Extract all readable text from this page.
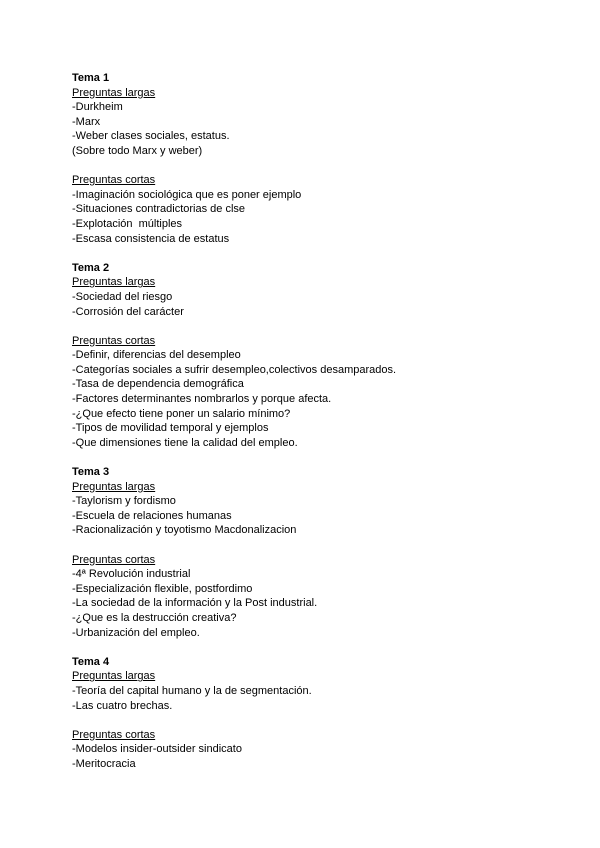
Tema 1
Preguntas largas
-Durkheim
-Marx
-Weber clases sociales, estatus.
(Sobre todo Marx y weber)
Preguntas cortas
-Imaginación sociológica que es poner ejemplo
-Situaciones contradictorias de clse
-Explotación  múltiples
-Escasa consistencia de estatus
Tema 2
Preguntas largas
-Sociedad del riesgo
-Corrosión del carácter
Preguntas cortas
-Definir, diferencias del desempleo
-Categorías sociales a sufrir desempleo,colectivos desamparados.
-Tasa de dependencia demográfica
-Factores determinantes nombrarlos y porque afecta.
-¿Que efecto tiene poner un salario mínimo?
-Tipos de movilidad temporal y ejemplos
-Que dimensiones tiene la calidad del empleo.
Tema 3
Preguntas largas
-Taylorism y fordismo
-Escuela de relaciones humanas
-Racionalización y toyotismo Macdonalizacion
Preguntas cortas
-4ª Revolución industrial
-Especialización flexible, postfordimo
-La sociedad de la información y la Post industrial.
-¿Que es la destrucción creativa?
-Urbanización del empleo.
Tema 4
Preguntas largas
-Teoría del capital humano y la de segmentación.
-Las cuatro brechas.
Preguntas cortas
-Modelos insider-outsider sindicato
-Meritocracia
